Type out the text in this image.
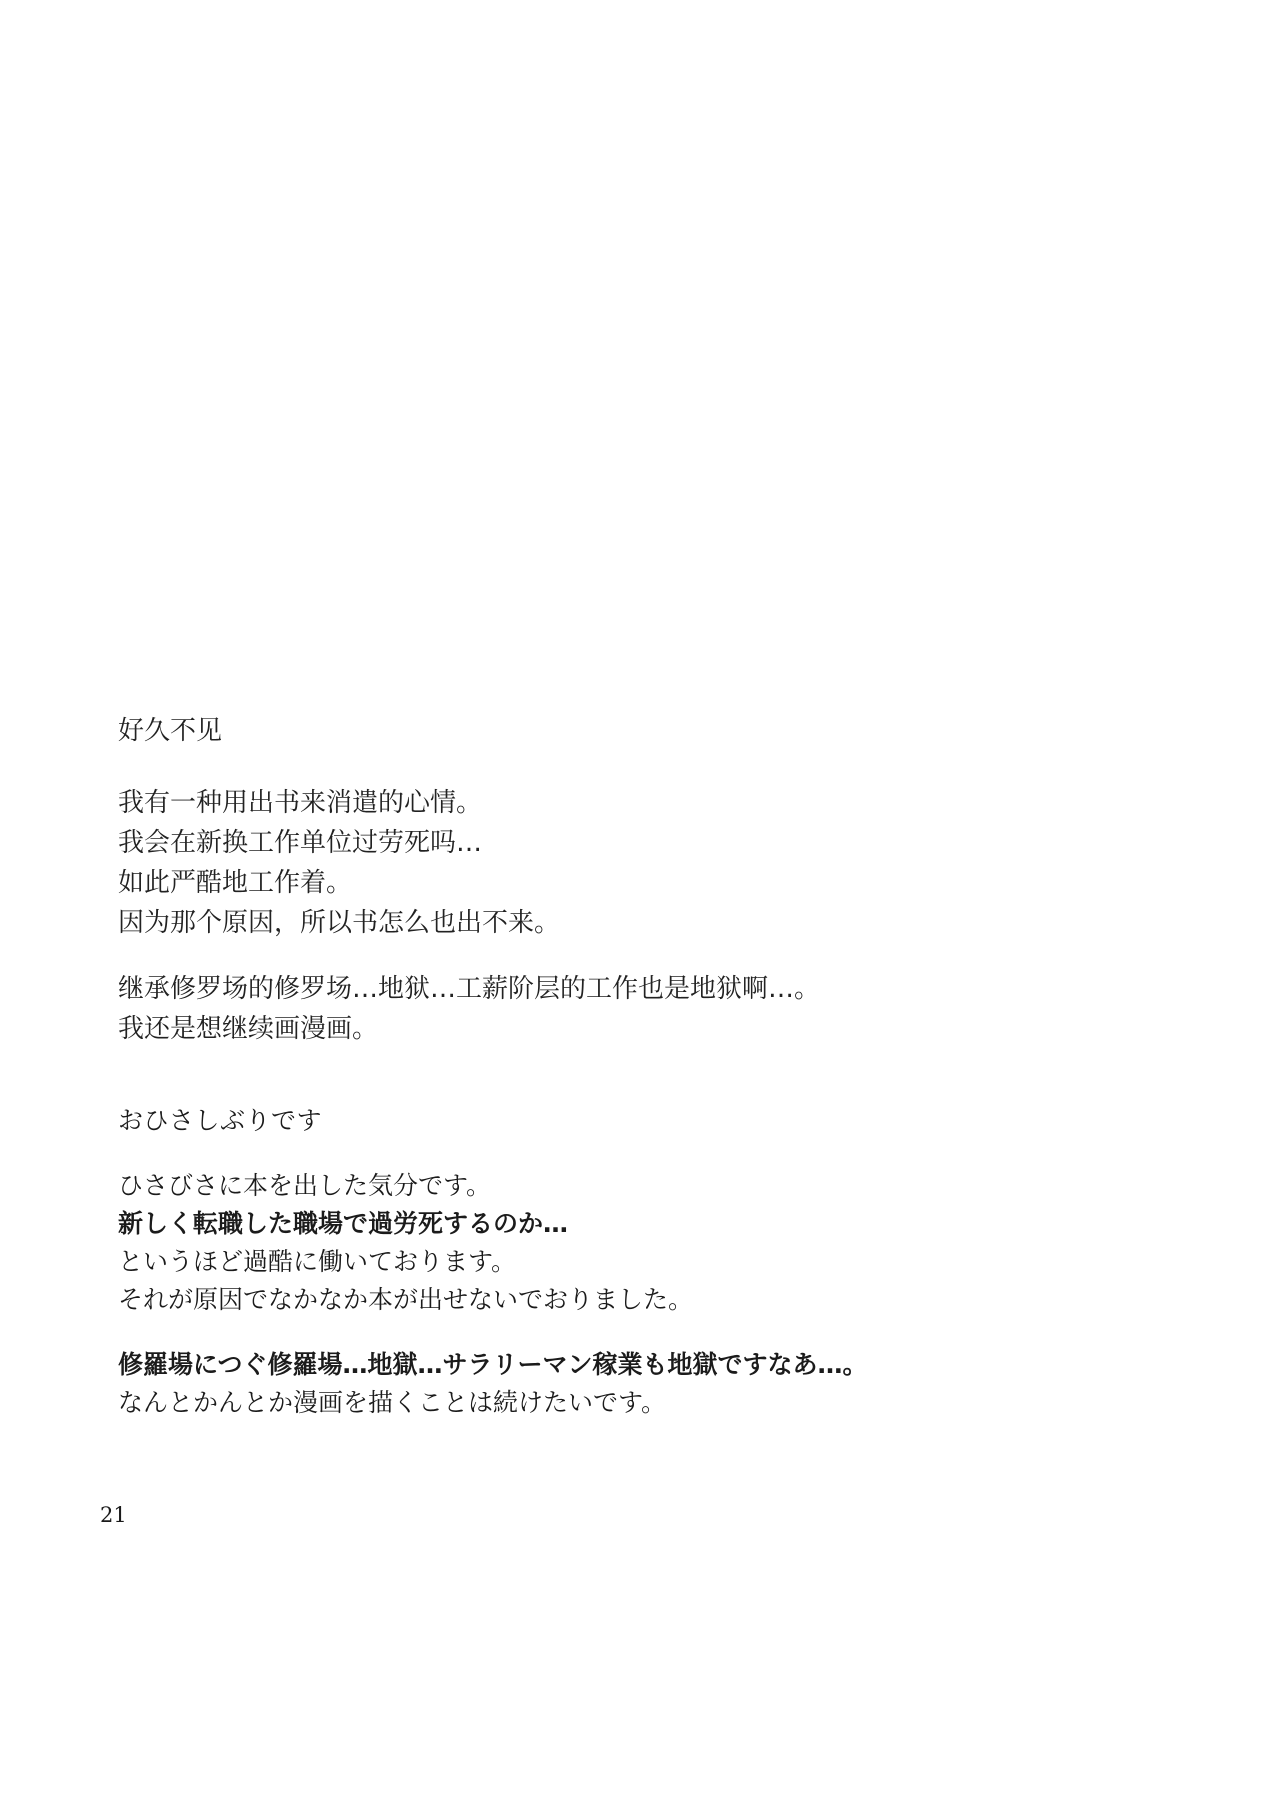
好久不见
我有一种用出书来消遣的心情。
我会在新换工作单位过劳死吗…
如此严酷地工作着。
因为那个原因，所以书怎么也出不来。
继承修罗场的修罗场…地狱…工薪阶层的工作也是地狱啊…。
我还是想继续画漫画。
おひさしぶりです
ひさびさに本を出した気分です。
新しく転職した職場で過労死するのか…
というほど過酷に働いております。
それが原因でなかなか本が出せないでおりました。
修羅場につぐ修羅場…地獄…サラリーマン稼業も地獄ですなあ…。
なんとかんとか漫画を描くことは続けたいです。
21
